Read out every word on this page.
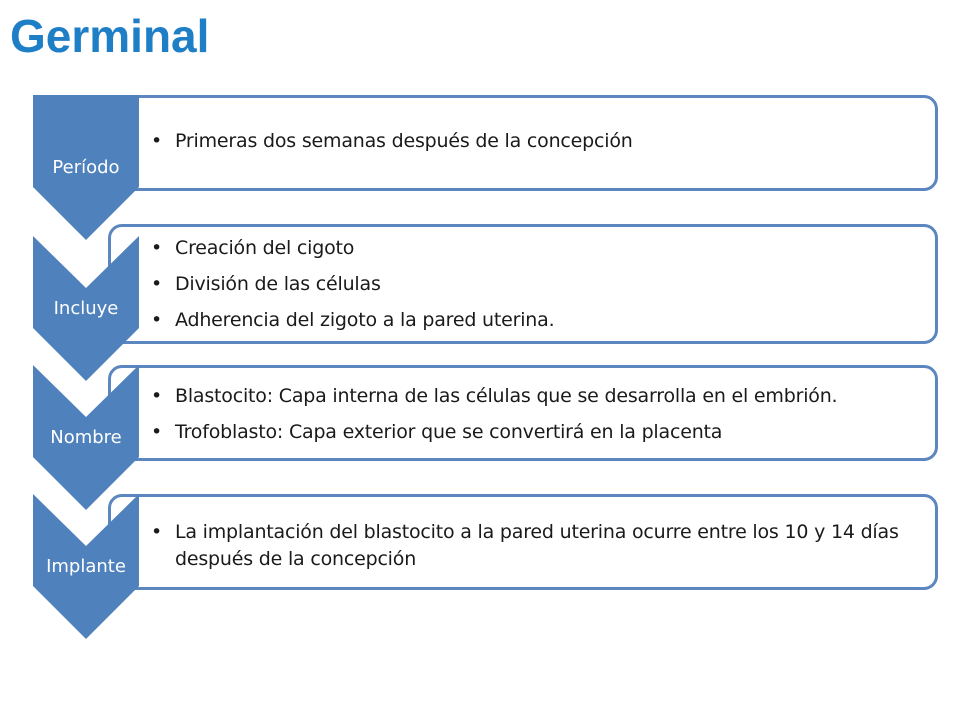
Germinal
• Primeras dos semanas después de la concepción
Período
• Creación del cigoto
• División de las células
• Adherencia del zigoto a la pared uterina.
Incluye
• Blastocito: Capa interna de las células que se desarrolla en el embrión.
• Trofoblasto: Capa exterior que se convertirá en la placenta
Nombre
• La implantación del blastocito a la pared uterina ocurre entre los 10 y 14 días después de la concepción
Implante
